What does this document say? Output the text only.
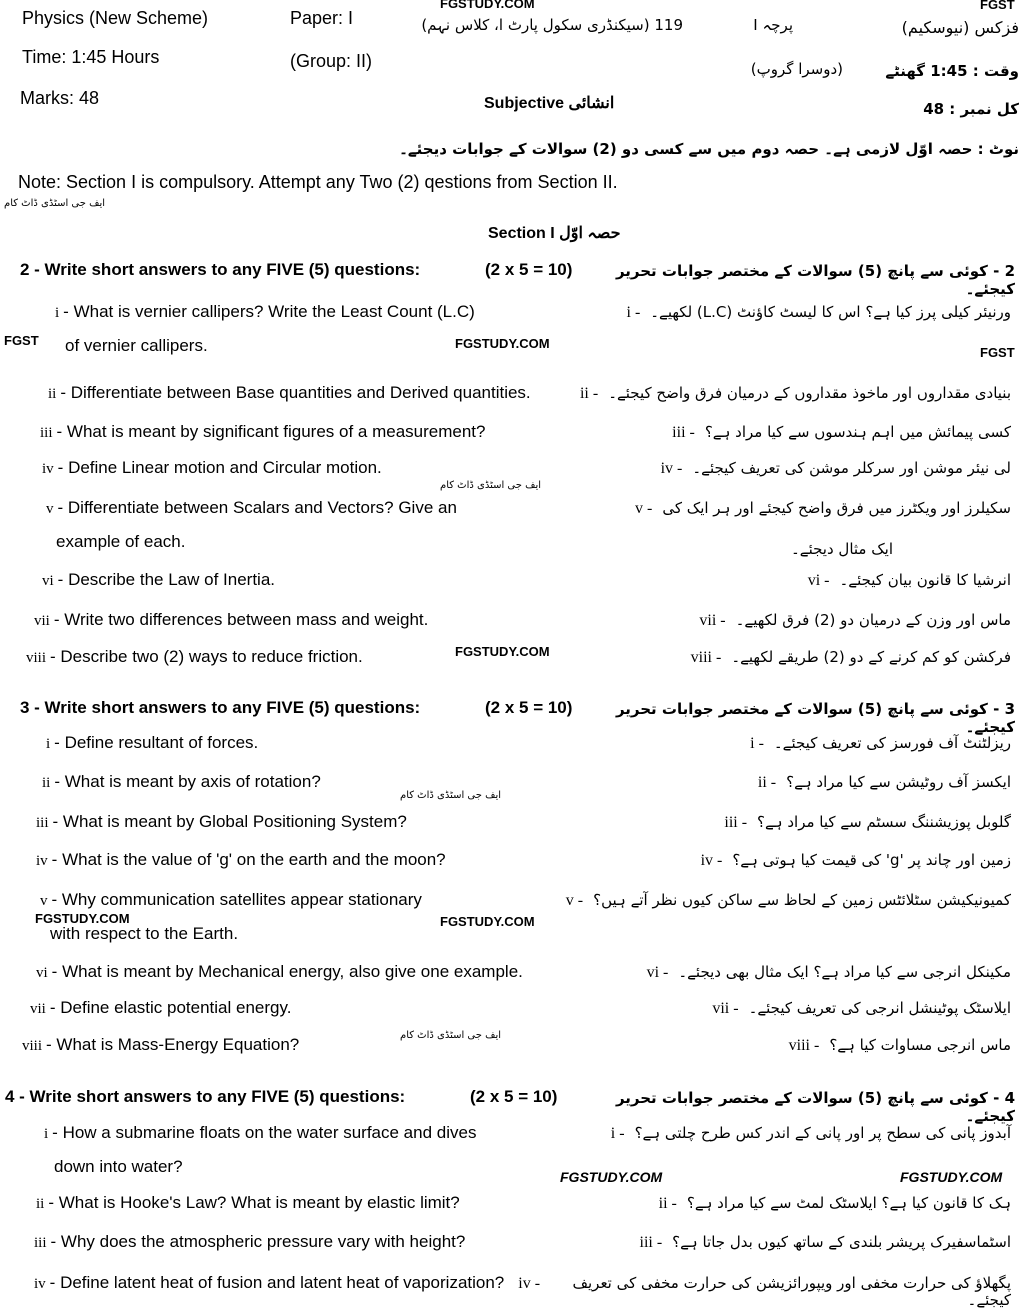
Physics (New Scheme)	Paper: I	119 (سیکنڈری سکول پارٹ ا، کلاس نہم)	پرچہ I	فزکس (نیوسکیم)
Time: 1:45 Hours	(Group: II)	(دوسرا گروپ)	وقت : 1:45 گھنٹے
Marks: 48	Subjective انشائی	کل نمبر : 48
نوٹ : حصہ اوّل لازمی ہے۔ حصہ دوم میں سے کسی دو (2) سوالات کے جوابات دیجئے۔
Note: Section I is compulsory. Attempt any Two (2) qestions from Section II.
Section I حصہ اوّل
FGSTUDY.COM	FGST
FGST	FGSTUDY.COM
FGST
FGSTUDY.COM
FGSTUDY.COM	FGSTUDY.COM
FGSTUDY.COM	FGSTUDY.COM
ایف جی اسٹڈی ڈاٹ کام
ایف جی اسٹڈی ڈاٹ کام
ایف جی اسٹڈی ڈاٹ کام
ایف جی اسٹڈی ڈاٹ کام
2 - Write short answers to any FIVE (5) questions:	(2 x 5 = 10)	2 - کوئی سے پانچ (5) سوالات کے مختصر جوابات تحریر کیجئے۔
i - What is vernier callipers? Write the Least Count (L.C)
of vernier callipers.
- i	ورنیئر کیلی پرز کیا ہے؟ اس کا لیسٹ کاؤنٹ (L.C) لکھیے۔
ii - Differentiate between Base quantities and Derived quantities.	- ii	بنیادی مقداروں اور ماخوذ مقداروں کے درمیان فرق واضح کیجئے۔
iii - What is meant by significant figures of a measurement?	- iii	کسی پیمائش میں اہم ہندسوں سے کیا مراد ہے؟
iv - Define Linear motion and Circular motion.	- iv	لی نیئر موشن اور سرکلر موشن کی تعریف کیجئے۔
v - Differentiate between Scalars and Vectors? Give an
example of each.
- v	سکیلرز اور ویکٹرز میں فرق واضح کیجئے اور ہر ایک کی
ایک مثال دیجئے۔
vi - Describe the Law of Inertia.	- vi	انرشیا کا قانون بیان کیجئے۔
vii - Write two differences between mass and weight.	- vii	ماس اور وزن کے درمیان دو (2) فرق لکھیے۔
viii - Describe two (2) ways to reduce friction.	- viii	فرکشن کو کم کرنے کے دو (2) طریقے لکھیے۔
3 - Write short answers to any FIVE (5) questions:	(2 x 5 = 10)	3 - کوئی سے پانچ (5) سوالات کے مختصر جوابات تحریر کیجئے۔
i - Define resultant of forces.	- i	ریزلٹنٹ آف فورسز کی تعریف کیجئے۔
ii - What is meant by axis of rotation?	- ii	ایکسز آف روٹیشن سے کیا مراد ہے؟
iii - What is meant by Global Positioning System?	- iii	گلوبل پوزیشننگ سسٹم سے کیا مراد ہے؟
iv - What is the value of 'g' on the earth and the moon?	- iv	زمین اور چاند پر 'g' کی قیمت کیا ہوتی ہے؟
v - Why communication satellites appear stationary
with respect to the Earth.
- v	کمیونیکیشن سٹلائٹس زمین کے لحاظ سے ساکن کیوں نظر آتے ہیں؟
vi - What is meant by Mechanical energy, also give one example.	- vi	مکینکل انرجی سے کیا مراد ہے؟ ایک مثال بھی دیجئے۔
vii - Define elastic potential energy.	- vii	ایلاسٹک پوٹینشل انرجی کی تعریف کیجئے۔
viii - What is Mass-Energy Equation?	- viii	ماس انرجی مساوات کیا ہے؟
4 - Write short answers to any FIVE (5) questions:	(2 x 5 = 10)	4 - کوئی سے پانچ (5) سوالات کے مختصر جوابات تحریر کیجئے۔
i - How a submarine floats on the water surface and dives
down into water?
- i	آبدوز پانی کی سطح پر اور پانی کے اندر کس طرح چلتی ہے؟
ii - What is Hooke's Law? What is meant by elastic limit?	- ii	ہک کا قانون کیا ہے؟ ایلاسٹک لمٹ سے کیا مراد ہے؟
iii - Why does the atmospheric pressure vary with height?	- iii	اسٹماسفیرک پریشر بلندی کے ساتھ کیوں بدل جاتا ہے؟
iv - Define latent heat of fusion and latent heat of vaporization?	- iv	پگھلاؤ کی حرارت مخفی اور ویپورائزیشن کی حرارت مخفی کی تعریف کیجئے۔
